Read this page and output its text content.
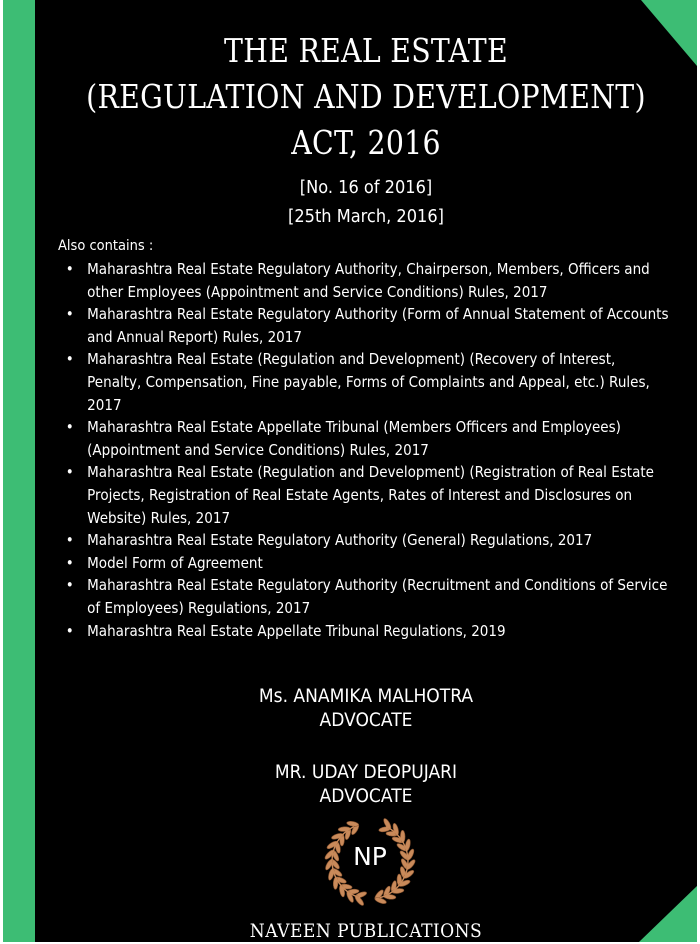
THE REAL ESTATE
(REGULATION AND DEVELOPMENT)
ACT, 2016
[No. 16 of 2016]
[25th March, 2016]
Also contains :
• Maharashtra Real Estate Regulatory Authority, Chairperson, Members, Officers and other Employees (Appointment and Service Conditions) Rules, 2017
• Maharashtra Real Estate Regulatory Authority (Form of Annual Statement of Accounts and Annual Report) Rules, 2017
• Maharashtra Real Estate (Regulation and Development) (Recovery of Interest, Penalty, Compensation, Fine payable, Forms of Complaints and Appeal, etc.) Rules, 2017
• Maharashtra Real Estate Appellate Tribunal (Members Officers and Employees) (Appointment and Service Conditions) Rules, 2017
• Maharashtra Real Estate (Regulation and Development) (Registration of Real Estate Projects, Registration of Real Estate Agents, Rates of Interest and Disclosures on Website) Rules, 2017
• Maharashtra Real Estate Regulatory Authority (General) Regulations, 2017
• Model Form of Agreement
• Maharashtra Real Estate Regulatory Authority (Recruitment and Conditions of Service of Employees) Regulations, 2017
• Maharashtra Real Estate Appellate Tribunal Regulations, 2019
Ms. ANAMIKA MALHOTRA
ADVOCATE
MR. UDAY DEOPUJARI
ADVOCATE
NP
NAVEEN PUBLICATIONS
